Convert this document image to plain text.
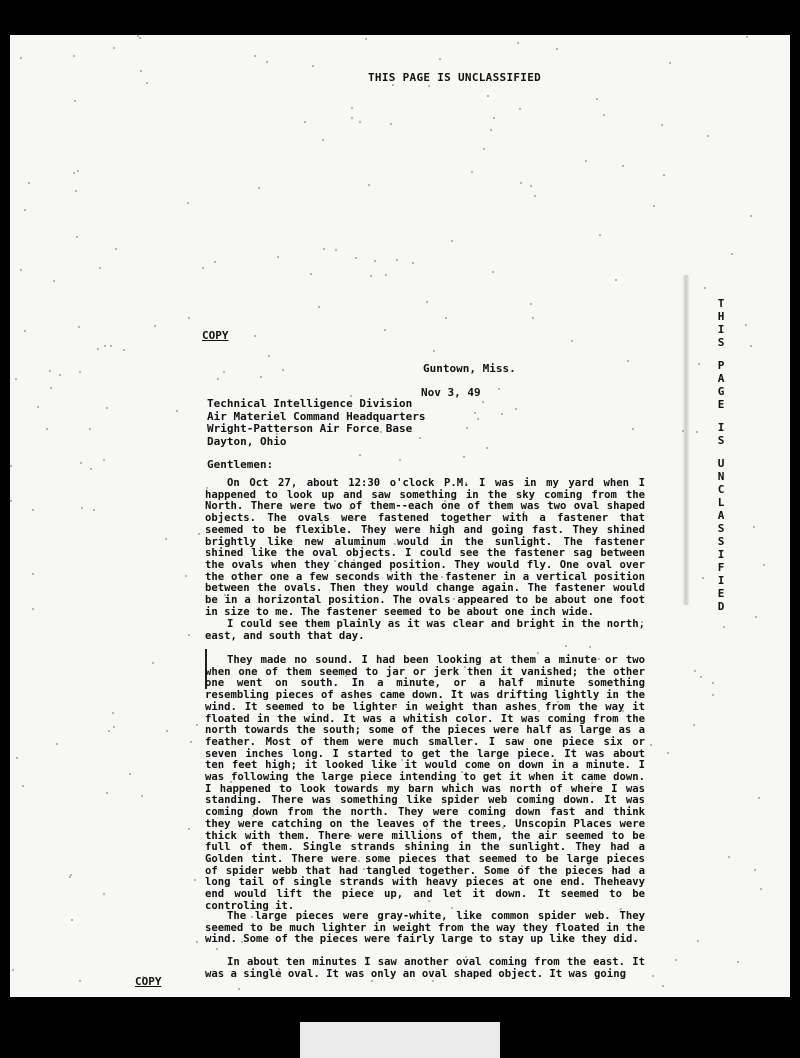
THIS PAGE IS UNCLASSIFIED
T
H
I
S
P
A
G
E
I
S
U
N
C
L
A
S
S
I
F
I
E
D
COPY
Guntown, Miss.
Nov 3, 49
Technical Intelligence Division
Air Materiel Command Headquarters
Wright-Patterson Air Force Base
Dayton, Ohio
Gentlemen:

On Oct 27, about 12:30 o'clock P.M. I was in my yard when I happened to look up and saw something in the sky coming from the North. There were two of them--each one of them was two oval shaped objects. The ovals were fastened together with a fastener that seemed to be flexible. They were high and going fast. They shined brightly like new aluminum would in the sunlight. The fastener shined like the oval objects. I could see the fastener sag between the ovals when they changed position. They would fly. One oval over the other one a few seconds with the fastener in a vertical position between the ovals. Then they would change again. The fastener would be in a horizontal position. The ovals appeared to be about one foot in size to me. The fastener seemed to be about one inch wide.

I could see them plainly as it was clear and bright in the north, east, and south that day.

They made no sound. I had been looking at them a minute or two when one of them seemed to jar or jerk then it vanished; the other one went on south. In a minute, or a half minute something resembling pieces of ashes came down. It was drifting lightly in the wind. It seemed to be lighter in weight than ashes from the way it floated in the wind. It was a whitish color. It was coming from the north towards the south; some of the pieces were half as large as a feather. Most of them were much smaller. I saw one piece six or seven inches long. I started to get the large piece. It was about ten feet high; it looked like it would come on down in a minute. I was following the large piece intending to get it when it came down. I happened to look towards my barn which was north of where I was standing. There was something like spider web coming down. It was coming down from the north. They were coming down fast and think they were catching on the leaves of the trees. Unscopin Places were thick with them. There were millions of them, the air seemed to be full of them. Single strands shining in the sunlight. They had a Golden tint. There were some pieces that seemed to be large pieces of spider webb that had tangled together. Some of the pieces had a long tail of single strands with heavy pieces at one end. Theheavy end would lift the piece up, and let it down. It seemed to be controling it.

The large pieces were gray-white, like common spider web. They seemed to be much lighter in weight from the way they floated in the wind. Some of the pieces were fairly large to stay up like they did.

In about ten minutes I saw another oval coming from the east. It was a single oval. It was only an oval shaped object. It was going

COPY
